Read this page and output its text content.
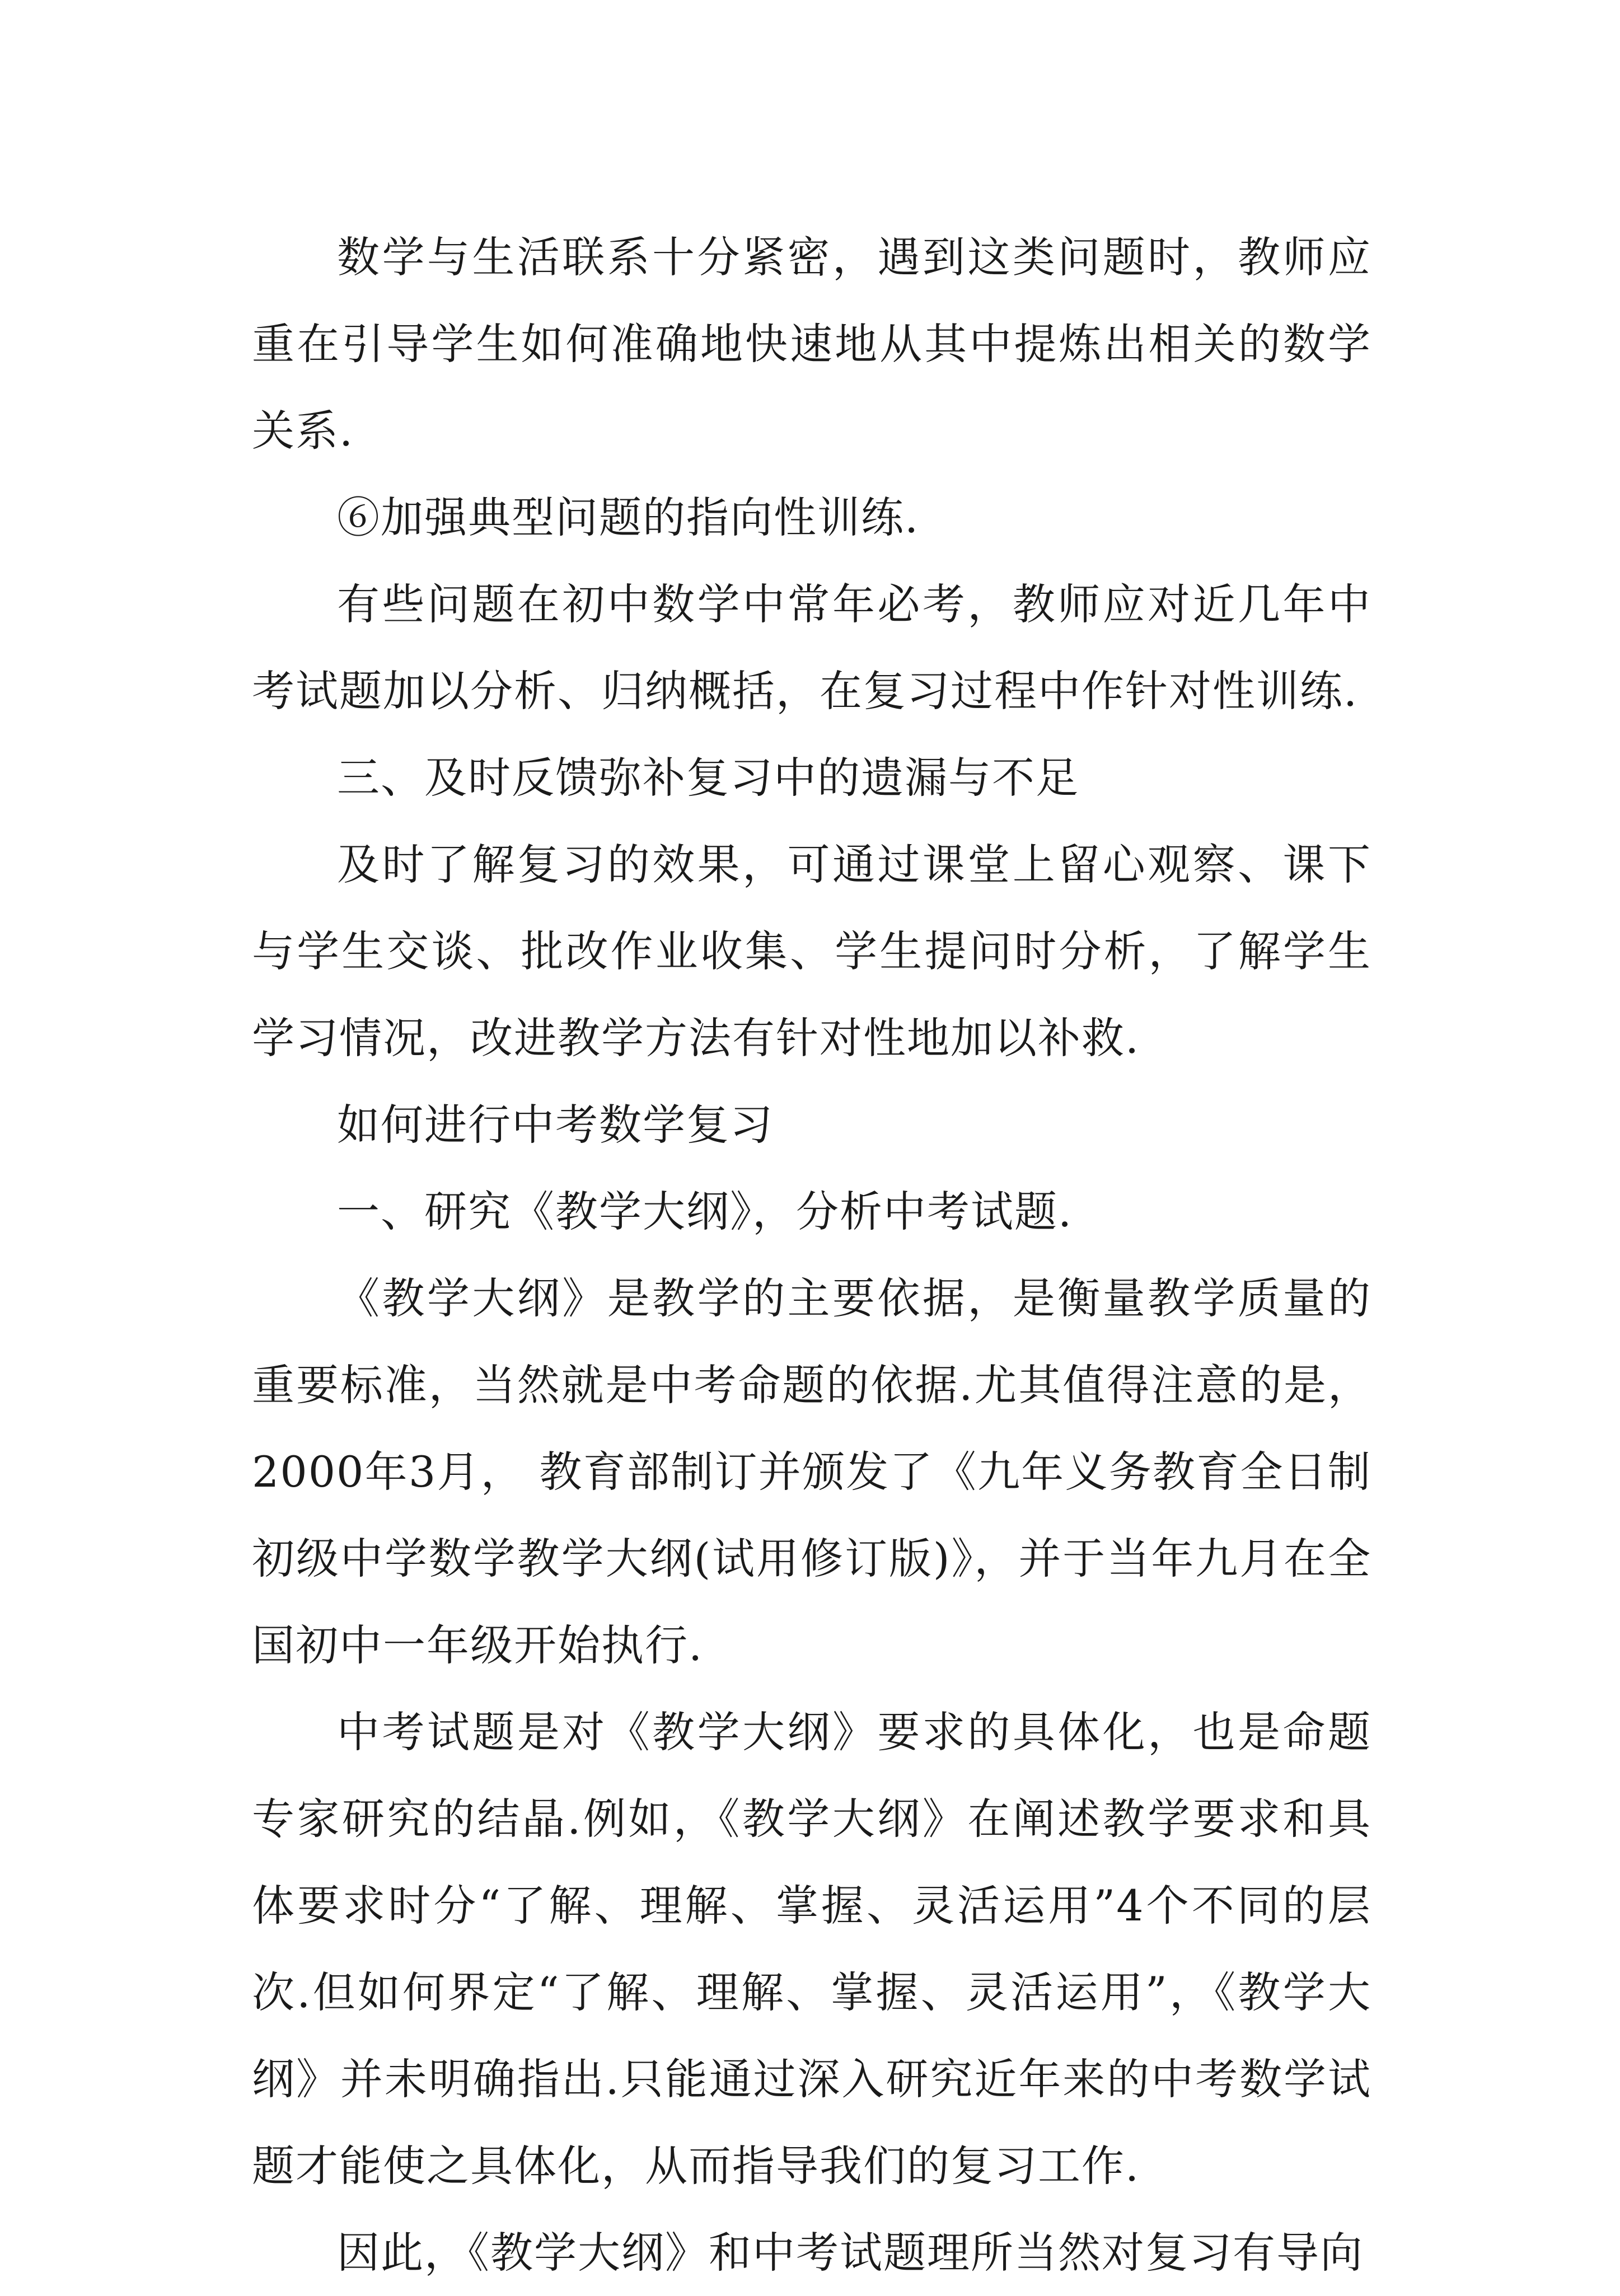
数学与生活联系十分紧密，遇到这类问题时，教师应重在引导学生如何准确地快速地从其中提炼出相关的数学关系.

⑥加强典型问题的指向性训练.

有些问题在初中数学中常年必考，教师应对近几年中考试题加以分析、归纳概括，在复习过程中作针对性训练.

三、及时反馈弥补复习中的遗漏与不足

及时了解复习的效果，可通过课堂上留心观察、课下与学生交谈、批改作业收集、学生提问时分析，了解学生学习情况，改进教学方法有针对性地加以补救.

如何进行中考数学复习

一、研究《教学大纲》，分析中考试题.

《教学大纲》是教学的主要依据，是衡量教学质量的重要标准，当然就是中考命题的依据.尤其值得注意的是，2000年3月， 教育部制订并颁发了《九年义务教育全日制初级中学数学教学大纲(试用修订版)》，并于当年九月在全国初中一年级开始执行.

中考试题是对《教学大纲》要求的具体化，也是命题专家研究的结晶.例如，《教学大纲》在阐述教学要求和具体要求时分“了解、理解、掌握、灵活运用”4个不同的层次.但如何界定“了解、理解、掌握、灵活运用”，《教学大纲》并未明确指出.只能通过深入研究近年来的中考数学试题才能使之具体化，从而指导我们的复习工作.

因此，《教学大纲》和中考试题理所当然对复习有导向
